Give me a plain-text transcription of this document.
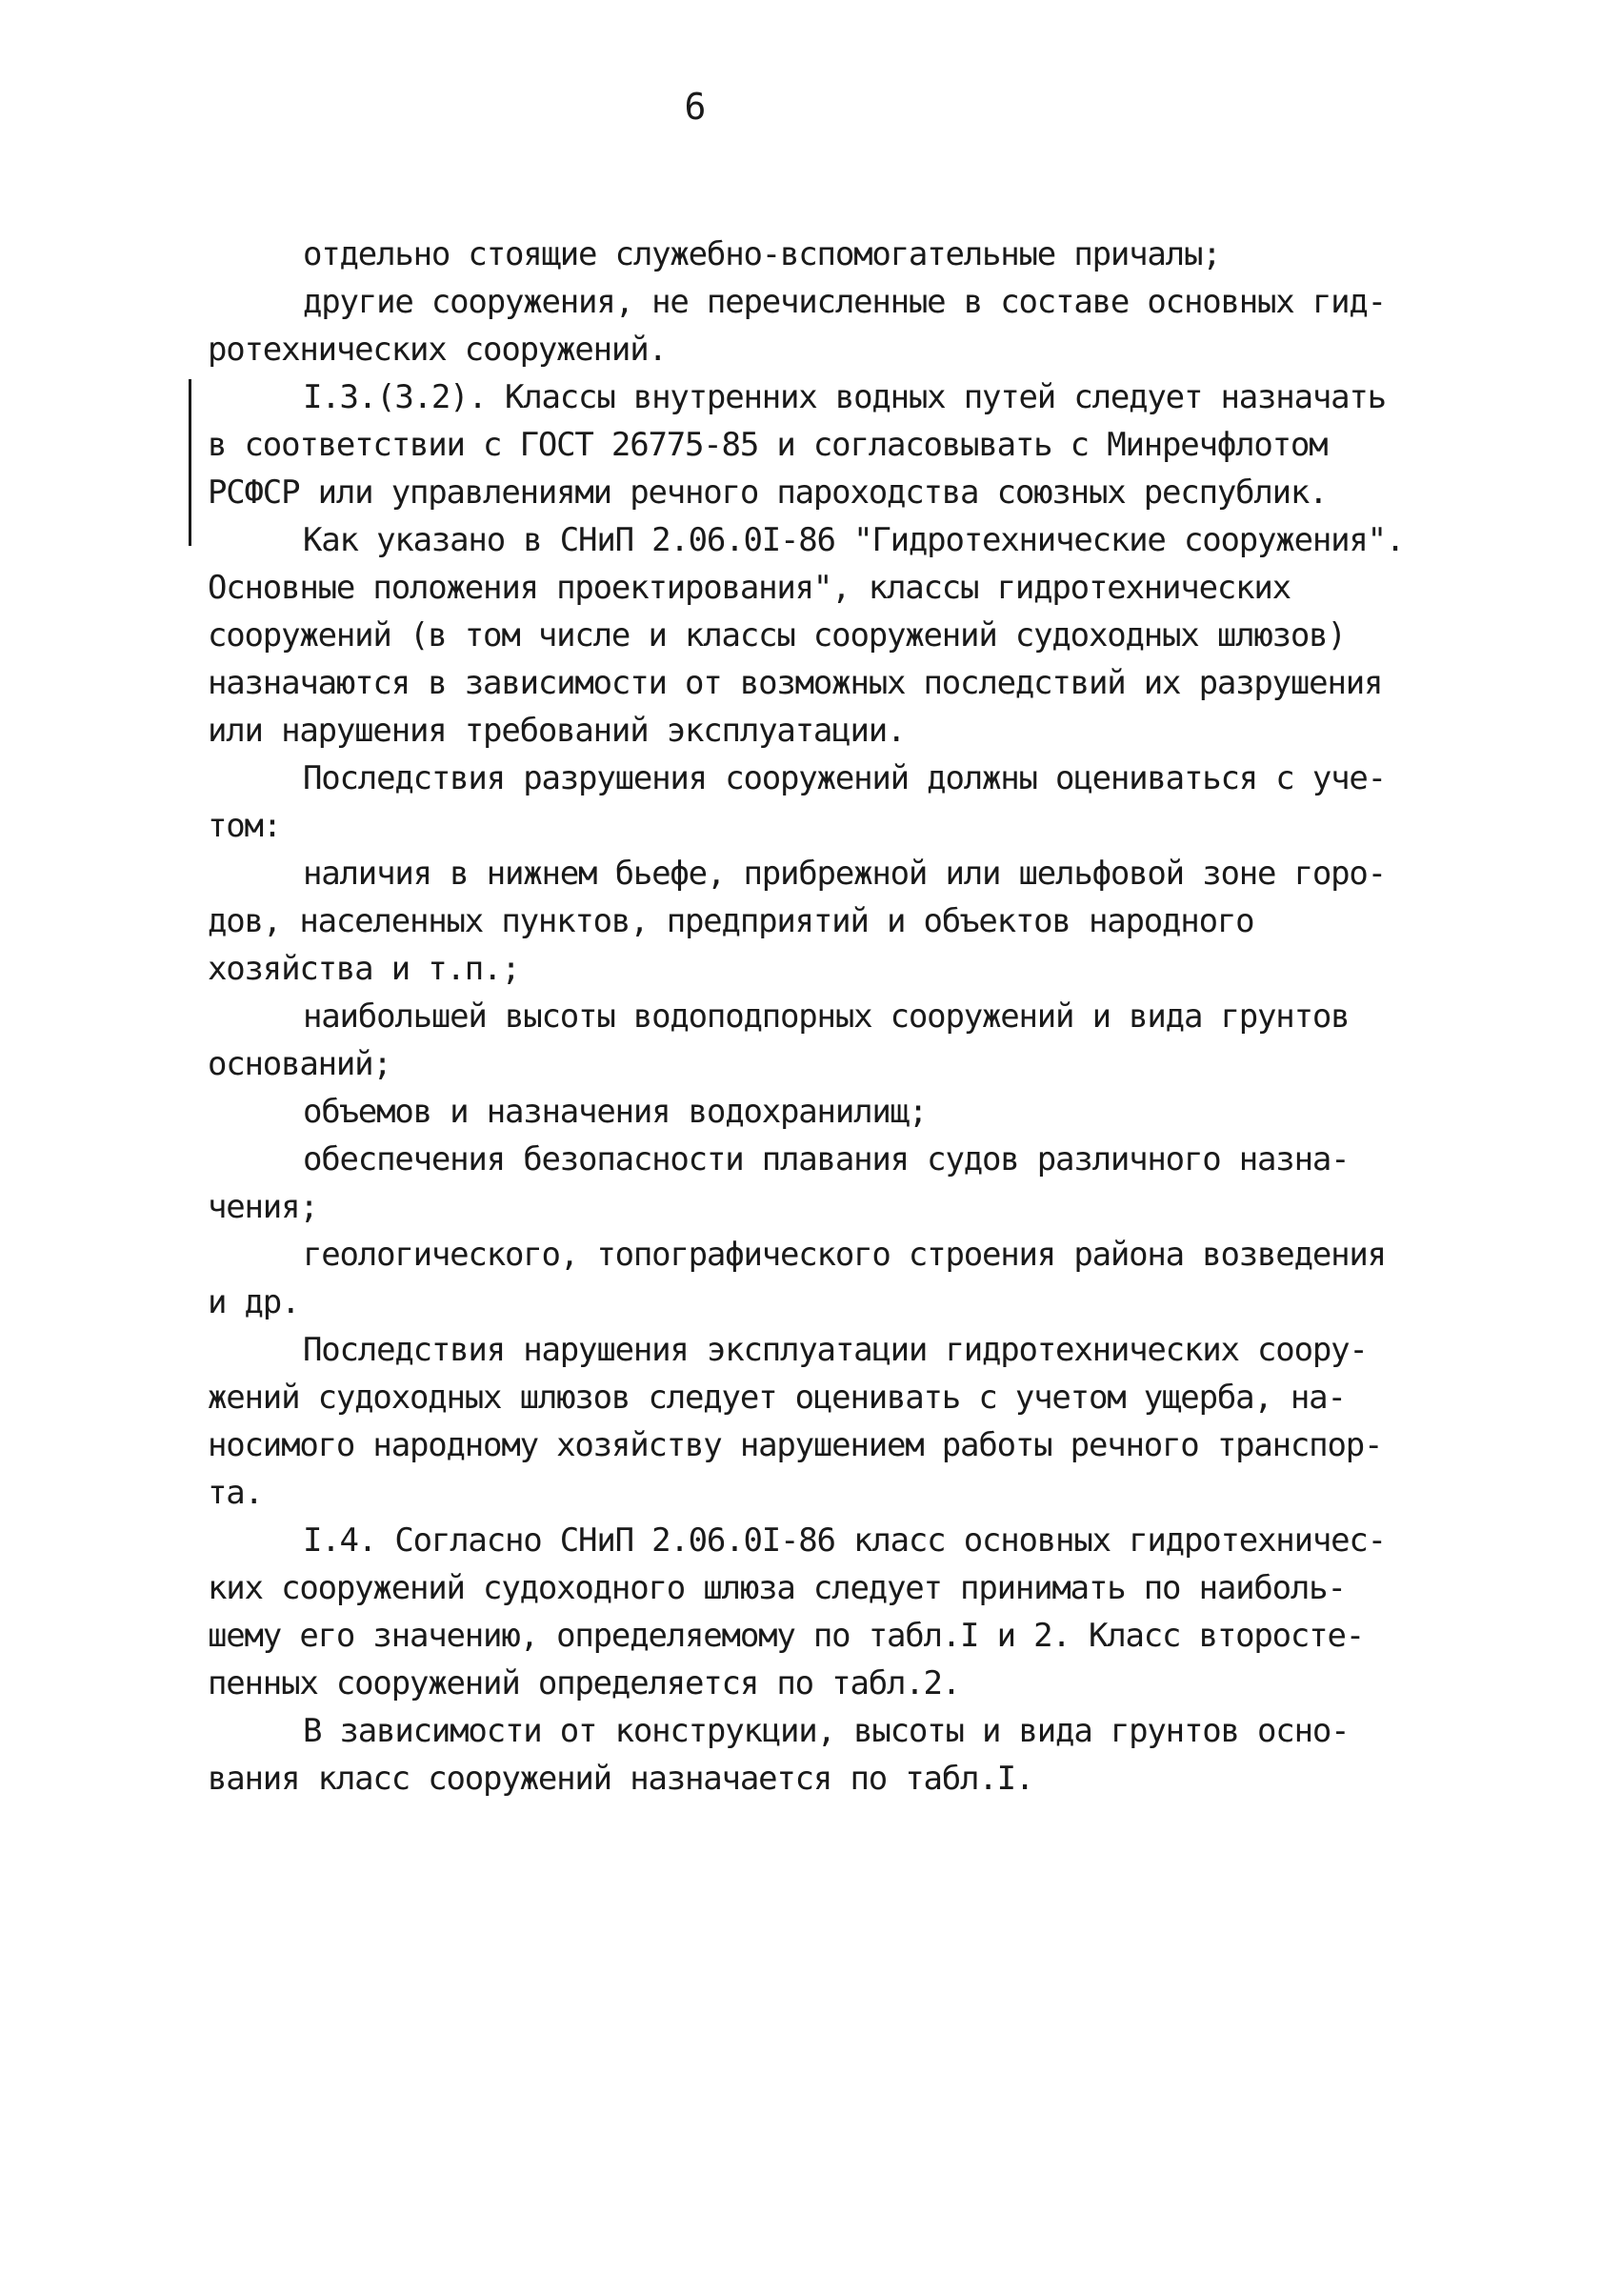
6
отдельно стоящие служебно-вспомогательные причалы;
другие сооружения, не перечисленные в составе основных гид-
ротехнических сооружений.
I.3.(3.2). Классы внутренних водных путей следует назначать
в соответствии с ГОСТ 26775-85 и согласовывать с Минречфлотом
РСФСР или управлениями речного пароходства союзных республик.
Как указано в СНиП 2.06.0I-86 "Гидротехнические сооружения".
Основные положения проектирования", классы гидротехнических
сооружений (в том числе и классы сооружений судоходных шлюзов)
назначаются в зависимости от возможных последствий их разрушения
или нарушения требований эксплуатации.
Последствия разрушения сооружений должны оцениваться с уче-
том:
наличия в нижнем бьефе, прибрежной или шельфовой зоне горо-
дов, населенных пунктов, предприятий и объектов народного
хозяйства и т.п.;
наибольшей высоты водоподпорных сооружений и вида грунтов
оснований;
объемов и назначения водохранилищ;
обеспечения безопасности плавания судов различного назна-
чения;
геологического, топографического строения района возведения
и др.
Последствия нарушения эксплуатации гидротехнических соору-
жений судоходных шлюзов следует оценивать с учетом ущерба, на-
носимого народному хозяйству нарушением работы речного транспор-
та.
I.4. Согласно СНиП 2.06.0I-86 класс основных гидротехничес-
ких сооружений судоходного шлюза следует принимать по наиболь-
шему его значению, определяемому по табл.I и 2. Класс второсте-
пенных сооружений определяется по табл.2.
В зависимости от конструкции, высоты и вида грунтов осно-
вания класс сооружений назначается по табл.I.
